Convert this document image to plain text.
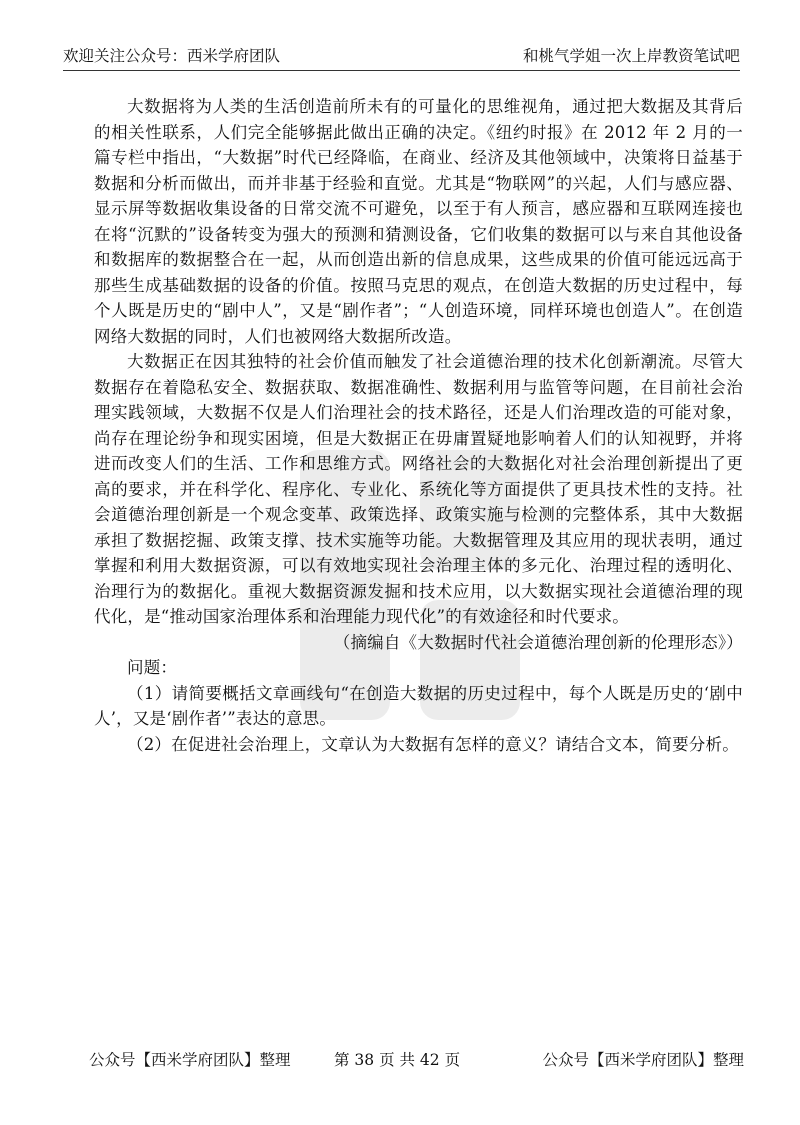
欢迎关注公众号：西米学府团队	和桃气学姐一次上岸教资笔试吧

大数据将为人类的生活创造前所未有的可量化的思维视角，通过把大数据及其背后的相关性联系，人们完全能够据此做出正确的决定。《纽约时报》在 2012 年 2 月的一篇专栏中指出，“大数据”时代已经降临，在商业、经济及其他领域中，决策将日益基于数据和分析而做出，而并非基于经验和直觉。尤其是“物联网”的兴起，人们与感应器、显示屏等数据收集设备的日常交流不可避免，以至于有人预言，感应器和互联网连接也在将“沉默的”设备转变为强大的预测和猜测设备，它们收集的数据可以与来自其他设备和数据库的数据整合在一起，从而创造出新的信息成果，这些成果的价值可能远远高于那些生成基础数据的设备的价值。按照马克思的观点，在创造大数据的历史过程中，每个人既是历史的“剧中人”，又是“剧作者”；“人创造环境，同样环境也创造人”。在创造网络大数据的同时，人们也被网络大数据所改造。

大数据正在因其独特的社会价值而触发了社会道德治理的技术化创新潮流。尽管大数据存在着隐私安全、数据获取、数据准确性、数据利用与监管等问题，在目前社会治理实践领域，大数据不仅是人们治理社会的技术路径，还是人们治理改造的可能对象，尚存在理论纷争和现实困境，但是大数据正在毋庸置疑地影响着人们的认知视野，并将进而改变人们的生活、工作和思维方式。网络社会的大数据化对社会治理创新提出了更高的要求，并在科学化、程序化、专业化、系统化等方面提供了更具技术性的支持。社会道德治理创新是一个观念变革、政策选择、政策实施与检测的完整体系，其中大数据承担了数据挖掘、政策支撑、技术实施等功能。大数据管理及其应用的现状表明，通过掌握和利用大数据资源，可以有效地实现社会治理主体的多元化、治理过程的透明化、治理行为的数据化。重视大数据资源发掘和技术应用，以大数据实现社会道德治理的现代化，是“推动国家治理体系和治理能力现代化”的有效途径和时代要求。

（摘编自《大数据时代社会道德治理创新的伦理形态》）

问题：

（1）请简要概括文章画线句“在创造大数据的历史过程中，每个人既是历史的‘剧中人’，又是‘剧作者’”表达的意思。

（2）在促进社会治理上，文章认为大数据有怎样的意义？请结合文本，简要分析。

公众号【西米学府团队】整理	第 38 页 共 42 页	公众号【西米学府团队】整理
